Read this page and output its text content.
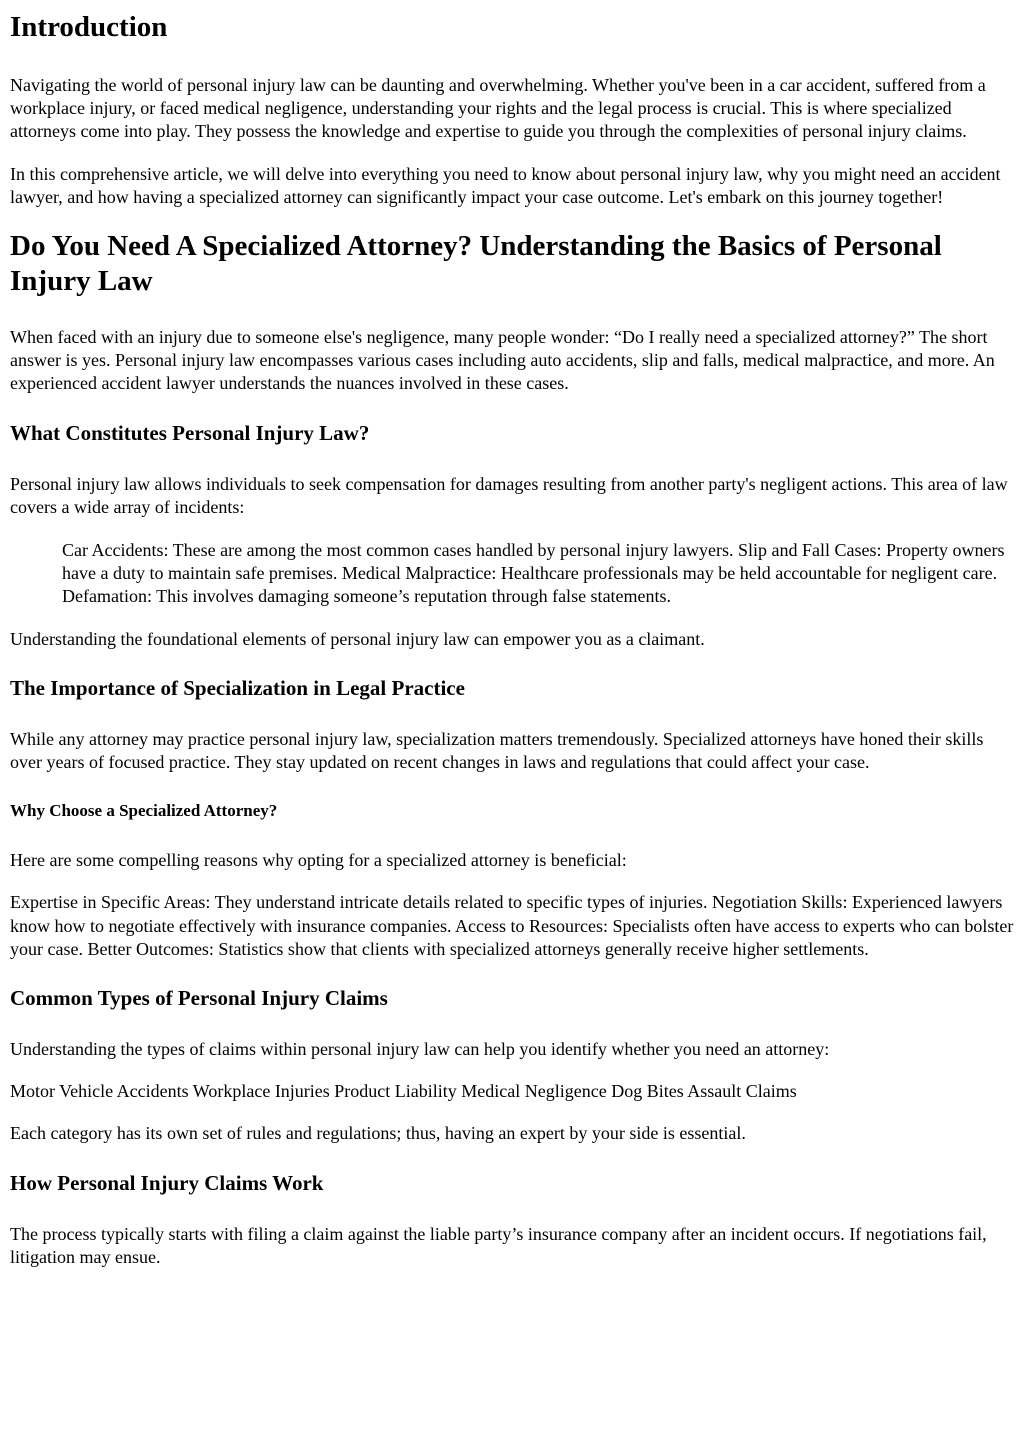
Introduction

Navigating the world of personal injury law can be daunting and overwhelming. Whether you've been in a car accident, suffered from a workplace injury, or faced medical negligence, understanding your rights and the legal process is crucial. This is where specialized attorneys come into play. They possess the knowledge and expertise to guide you through the complexities of personal injury claims.

In this comprehensive article, we will delve into everything you need to know about personal injury law, why you might need an accident lawyer, and how having a specialized attorney can significantly impact your case outcome. Let's embark on this journey together!

Do You Need A Specialized Attorney? Understanding the Basics of Personal Injury Law

When faced with an injury due to someone else's negligence, many people wonder: “Do I really need a specialized attorney?” The short answer is yes. Personal injury law encompasses various cases including auto accidents, slip and falls, medical malpractice, and more. An experienced accident lawyer understands the nuances involved in these cases.

What Constitutes Personal Injury Law?

Personal injury law allows individuals to seek compensation for damages resulting from another party's negligent actions. This area of law covers a wide array of incidents:

Car Accidents: These are among the most common cases handled by personal injury lawyers. Slip and Fall Cases: Property owners have a duty to maintain safe premises. Medical Malpractice: Healthcare professionals may be held accountable for negligent care. Defamation: This involves damaging someone’s reputation through false statements.

Understanding the foundational elements of personal injury law can empower you as a claimant.

The Importance of Specialization in Legal Practice

While any attorney may practice personal injury law, specialization matters tremendously. Specialized attorneys have honed their skills over years of focused practice. They stay updated on recent changes in laws and regulations that could affect your case.

Why Choose a Specialized Attorney?

Here are some compelling reasons why opting for a specialized attorney is beneficial:

Expertise in Specific Areas: They understand intricate details related to specific types of injuries. Negotiation Skills: Experienced lawyers know how to negotiate effectively with insurance companies. Access to Resources: Specialists often have access to experts who can bolster your case. Better Outcomes: Statistics show that clients with specialized attorneys generally receive higher settlements.

Common Types of Personal Injury Claims

Understanding the types of claims within personal injury law can help you identify whether you need an attorney:

Motor Vehicle Accidents Workplace Injuries Product Liability Medical Negligence Dog Bites Assault Claims

Each category has its own set of rules and regulations; thus, having an expert by your side is essential.

How Personal Injury Claims Work

The process typically starts with filing a claim against the liable party’s insurance company after an incident occurs. If negotiations fail, litigation may ensue.
